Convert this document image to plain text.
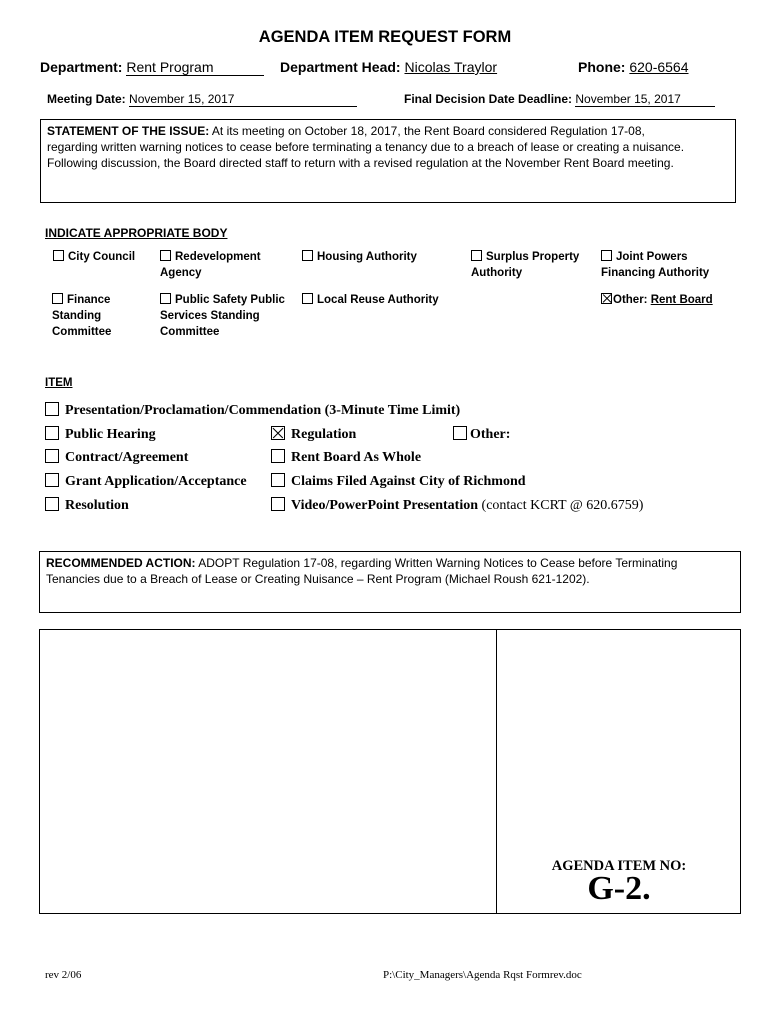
AGENDA ITEM REQUEST FORM
Department: Rent Program	Department Head: Nicolas Traylor	Phone: 620-6564
Meeting Date: November 15, 2017	Final Decision Date Deadline: November 15, 2017
STATEMENT OF THE ISSUE: At its meeting on October 18, 2017, the Rent Board considered Regulation 17-08,
regarding written warning notices to cease before terminating a tenancy due to a breach of lease or creating a nuisance.
Following discussion, the Board directed staff to return with a revised regulation at the November Rent Board meeting.
INDICATE APPROPRIATE BODY
City Council	Redevelopment
Agency
Housing Authority	Surplus Property
Authority
Joint Powers
Financing Authority
Finance
Standing
Committee
Public Safety Public
Services Standing
Committee
Local Reuse Authority	Other: Rent Board
ITEM
Presentation/Proclamation/Commendation (3-Minute Time Limit)
Public Hearing	Regulation	Other:
Contract/Agreement	Rent Board As Whole
Grant Application/Acceptance	Claims Filed Against City of Richmond
Resolution	Video/PowerPoint Presentation (contact KCRT @ 620.6759)
RECOMMENDED ACTION: ADOPT Regulation 17-08, regarding Written Warning Notices to Cease before Terminating
Tenancies due to a Breach of Lease or Creating Nuisance – Rent Program (Michael Roush 621-1202).
AGENDA ITEM NO:
G-2.
rev 2/06	P:\City_Managers\Agenda Rqst Formrev.doc
